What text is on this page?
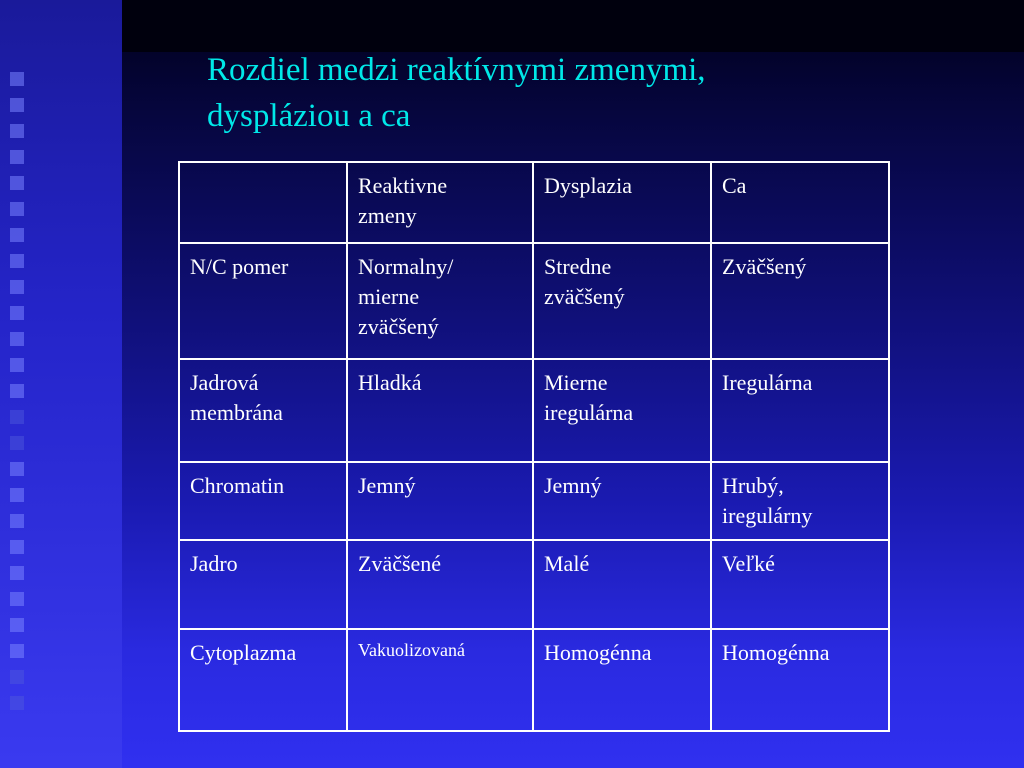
Rozdiel medzi reaktívnymi zmenymi,
dyspláziou a ca
	Reaktivne
zmeny	Dysplazia	Ca
N/C pomer	Normalny/
mierne
zväčšený	Stredne
zväčšený	Zväčšený
Jadrová
membrána	Hladká	Mierne
iregulárna	Iregulárna
Chromatin	Jemný	Jemný	Hrubý,
iregulárny
Jadro	Zväčšené	Malé	Veľké
Cytoplazma	Vakuolizovaná	Homogénna	Homogénna
